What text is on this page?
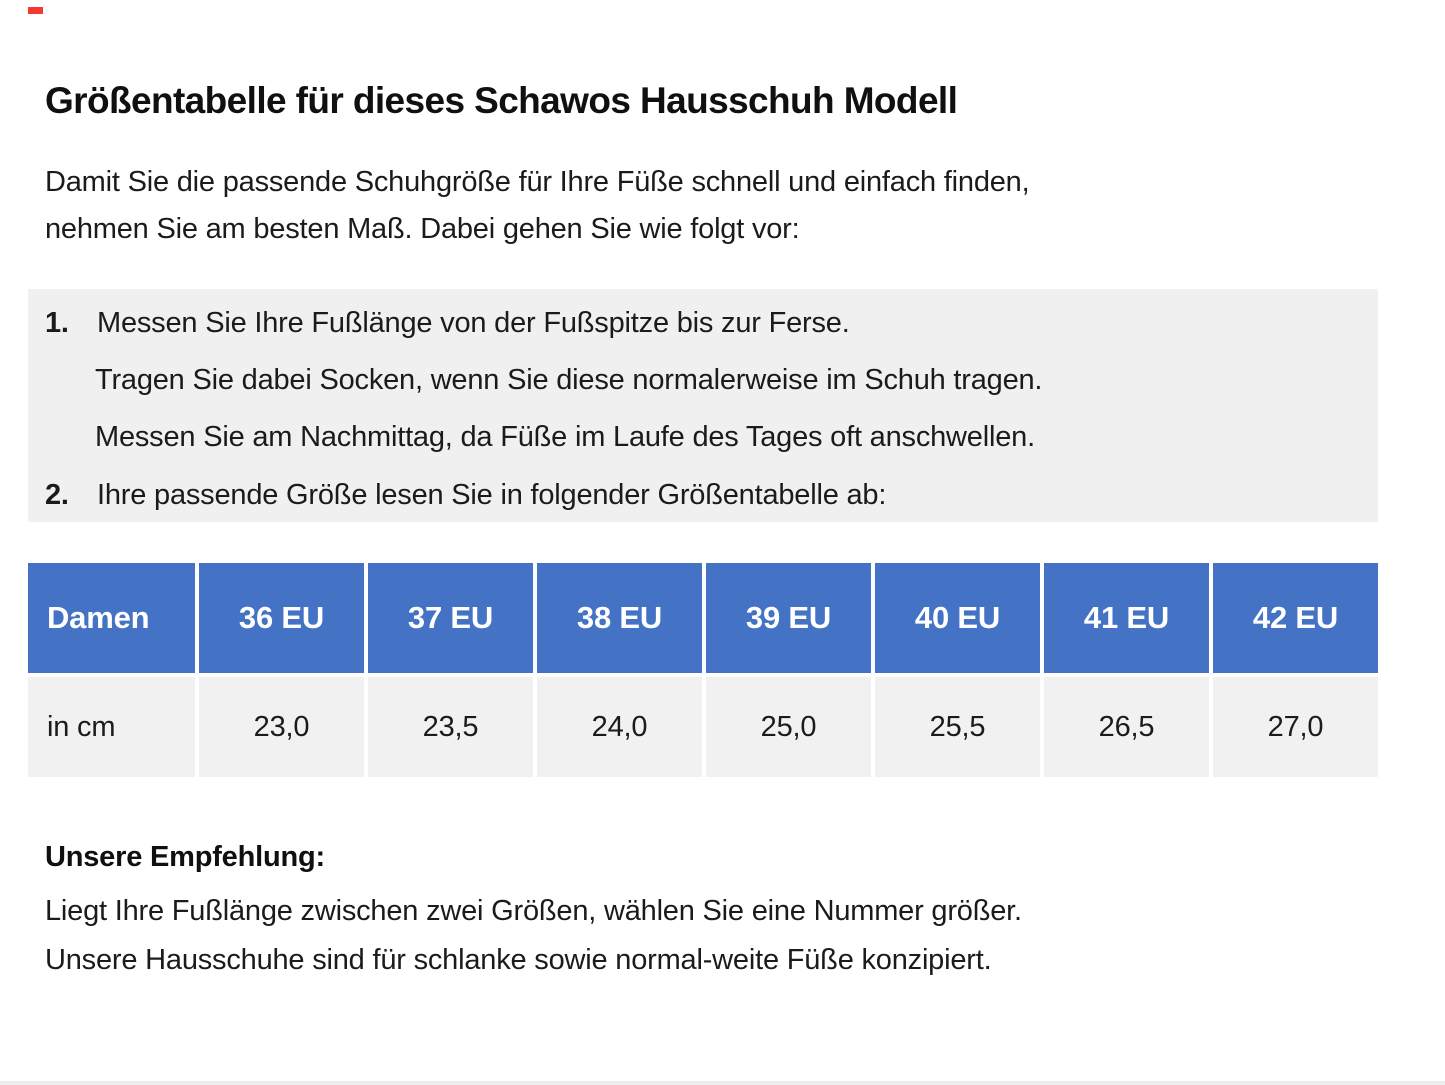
Größentabelle für dieses Schawos Hausschuh Modell
Damit Sie die passende Schuhgröße für Ihre Füße schnell und einfach finden,
nehmen Sie am besten Maß. Dabei gehen Sie wie folgt vor:
1. Messen Sie Ihre Fußlänge von der Fußspitze bis zur Ferse.
Tragen Sie dabei Socken, wenn Sie diese normalerweise im Schuh tragen.
Messen Sie am Nachmittag, da Füße im Laufe des Tages oft anschwellen.
2. Ihre passende Größe lesen Sie in folgender Größentabelle ab:
Damen	36 EU	37 EU	38 EU	39 EU	40 EU	41 EU	42 EU
in cm	23,0	23,5	24,0	25,0	25,5	26,5	27,0
Unsere Empfehlung:
Liegt Ihre Fußlänge zwischen zwei Größen, wählen Sie eine Nummer größer.
Unsere Hausschuhe sind für schlanke sowie normal-weite Füße konzipiert.
